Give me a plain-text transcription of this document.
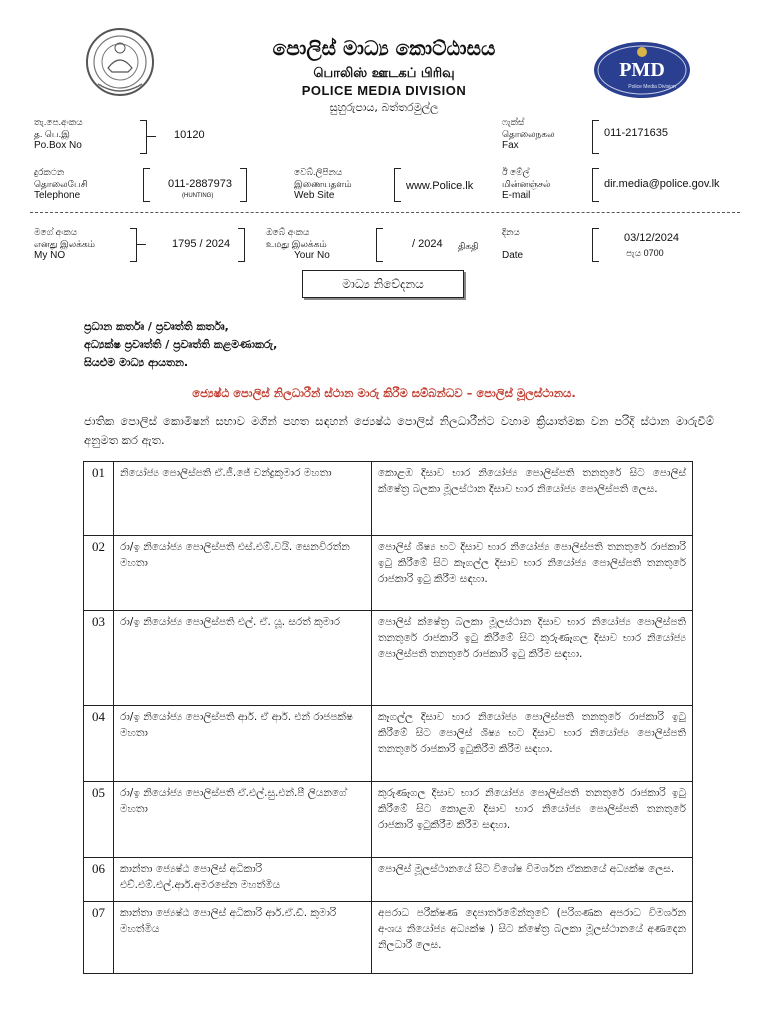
PMD
Police Media Division
පොලිස් මාධ්‍ය කොට්ඨාසය
பொலிஸ் ஊடகப் பிரிவு
POLICE MEDIA DIVISION
සුහුරුපාය, බත්තරමුල්ල
තැ.පෙ.අංකය
த. பெ.இ
Po.Box No
10120
ෆැක්ස්
தொலைநகல
Fax
011-2171635
දුරකථන
தொலைபேசி
Telephone
011-2887973
(HUNTING)
වෙබ්.ලිපිනය
இணையதளம்
Web Site
www.Police.lk
ඊ මේල්
மின்னஞ்சல்
E-mail
dir.media@police.gov.lk
මගේ අංකය
எனது இலக்கம்
My NO
1795 / 2024
ඔබේ අංකය
உமது இலக்கம்
Your No
/ 2024 திகதி
දිනය

Date
03/12/2024
පැය 0700
මාධ්‍ය නිවේදනය
ප්‍රධාන කර්තෘ / ප්‍රවෘත්ති කර්තෘ,
අධ්‍යක්ෂ ප්‍රවෘත්ති / ප්‍රවෘත්ති කළමණාකරු,
සියළුම මාධ්‍ය ආයතන.
ජ්‍යෙෂ්ඨ පොලිස් නිලධාරීන් ස්ථාන මාරු කිරීම සම්බන්ධව – පොලිස් මූලස්ථානය.
ජාතික පොලිස් කොමිෂන් සභාව මගින් පහත සඳහන් ජ්‍යෙෂ්ඨ පොලිස් නිලධාරීන්ට වහාම ක්‍රියාත්මක වන පරිදි ස්ථාන මාරුවීම් අනුමත කර ඇත.
01	නියෝජ්‍ය පොලිස්පති ඒ.ජී.ජේ චන්ද්‍රකුමාර මහතා	කොළඹ දිසාව භාර නියෝජ්‍ය පොලිස්පති තනතුරේ සිට පොලිස් ක්ෂේත්‍ර බලකා මූලස්ථාන දිසාව භාර නියෝජ්‍ය පොලිස්පති ලෙස.
02	රා/ඉ නියෝජ්‍ය පොලිස්පති එස්.එම්.වයි. සෙනවිරත්න මහතා	පොලිස් ශිෂ්‍ය භට දිසාව භාර නියෝජ්‍ය පොලිස්පති තනතුරේ රාජකාරි ඉටු කිරීමේ සිට කෑගල්ල දිසාව භාර නියෝජ්‍ය පොලිස්පති තනතුරේ රාජකාරි ඉටු කිරීම සඳහා.
03	රා/ඉ නියෝජ්‍ය පොලිස්පති එල්. ඒ. යූ. සරත් කුමාර	පොලිස් ක්ෂේත්‍ර බලකා මූලස්ථාන දිසාව භාර නියෝජ්‍ය පොලිස්පති තනතුරේ රාජකාරි ඉටු කිරීමේ සිට කුරුණෑගල දිසාව භාර නියෝජ්‍ය පොලිස්පති තනතුරේ රාජකාරි ඉටු කිරීම සඳහා.
04	රා/ඉ නියෝජ්‍ය පොලිස්පති ආර්. ඒ ආර්. එන් රාජපක්ෂ මහතා	කෑගල්ල දිසාව භාර නියෝජ්‍ය පොලිස්පති තනතුරේ රාජකාරි ඉටු කිරීමේ සිට පොලිස් ශිෂ්‍ය භට දිසාව භාර නියෝජ්‍ය පොලිස්පති තනතුරේ රාජකාරි ඉටුකිරීම කිරීම සඳහා.
05	රා/ඉ නියෝජ්‍ය පොලිස්පති ඒ.එල්.සු.එන්.පී ලියනගේ මහතා	කුරුණෑගල දිසාව භාර නියෝජ්‍ය පොලිස්පති තනතුරේ රාජකාරි ඉටු කිරීමේ සිට කොළඹ දිසාව භාර නියෝජ්‍ය පොලිස්පති තනතුරේ රාජකාරි ඉටුකිරීම කිරීම සඳහා.
06	කාන්තා ජ්‍යෙෂ්ඨ පොලිස් අධිකාරි එච්.එම්.එල්.ආර්.අමරසේන මහත්මිය	පොලිස් මූලස්ථානයේ සිට විශේෂ විමර්ශන ඒකකයේ අධ්‍යක්ෂ ලෙස.
07	කාන්තා ජ්‍යෙෂ්ඨ පොලිස් අධිකාරි ආර්.ඒ.ඩී. කුමාරි මහත්මිය	අපරාධ පරීක්ෂණ දෙපාර්තමේන්තුවේ (පරිගණක අපරාධ විමර්ශන අංශය නියෝජ්‍ය අධ්‍යක්ෂ ) සිට ක්ෂේත්‍ර බලකා මූලස්ථානයේ අණදෙන නිලධාරී ලෙස.
